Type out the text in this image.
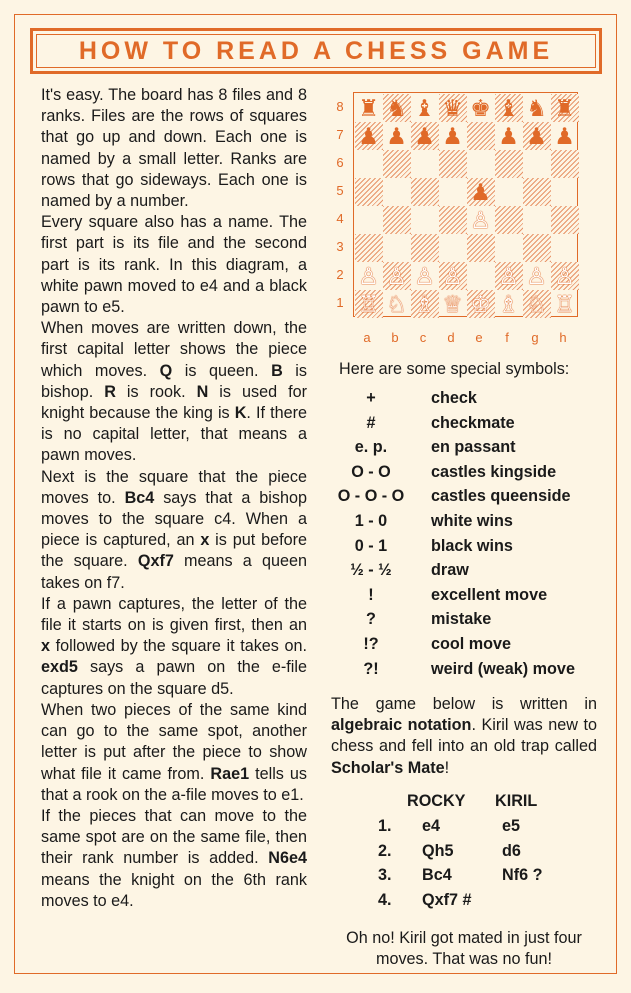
HOW TO READ A CHESS GAME

It's easy. The board has 8 files and 8 ranks. Files are the rows of squares that go up and down. Each one is named by a small letter. Ranks are rows that go sideways. Each one is named by a number.

Every square also has a name. The first part is its file and the second part is its rank. In this diagram, a white pawn moved to e4 and a black pawn to e5.

When moves are written down, the first capital letter shows the piece which moves. Q is queen. B is bishop. R is rook. N is used for knight because the king is K. If there is no capital letter, that means a pawn moves.

Next is the square that the piece moves to. Bc4 says that a bishop moves to the square c4. When a piece is captured, an x is put before the square. Qxf7 means a queen takes on f7.

If a pawn captures, the letter of the file it starts on is given first, then an x followed by the square it takes on. exd5 says a pawn on the e-file captures on the square d5.

When two pieces of the same kind can go to the same spot, another letter is put after the piece to show what file it came from. Rae1 tells us that a rook on the a-file moves to e1.

If the pieces that can move to the same spot are on the same file, then their rank number is added. N6e4 means the knight on the 6th rank moves to e4.

♜ ♞ ♝ ♛ ♚ ♝ ♞ ♜
♟ ♟ ♟ ♟ ♟ ♟ ♟
♟
♙
♙ ♙ ♙ ♙ ♙ ♙ ♙
♖ ♘ ♗ ♕ ♔ ♗ ♘ ♖
8
7
6
5
4
3
2
1
a b c d e	f	g h
Here are some special symbols:
+	check
#	checkmate
e. p.	en passant
O - O	castles kingside
O - O - O	castles queenside
1 - 0	white wins
0 - 1	black wins
½ - ½	draw
!	excellent move
?	mistake
!?	cool move
?!	weird (weak) move

The game below is written in algebraic notation. Kiril was new to chess and fell into an old trap called Scholar's Mate!

ROCKY KIRIL
1. e4	e5
2. Qh5	d6
3. Bc4	Nf6 ?
4. Qxf7 #

Oh no! Kiril got mated in just four moves. That was no fun!
